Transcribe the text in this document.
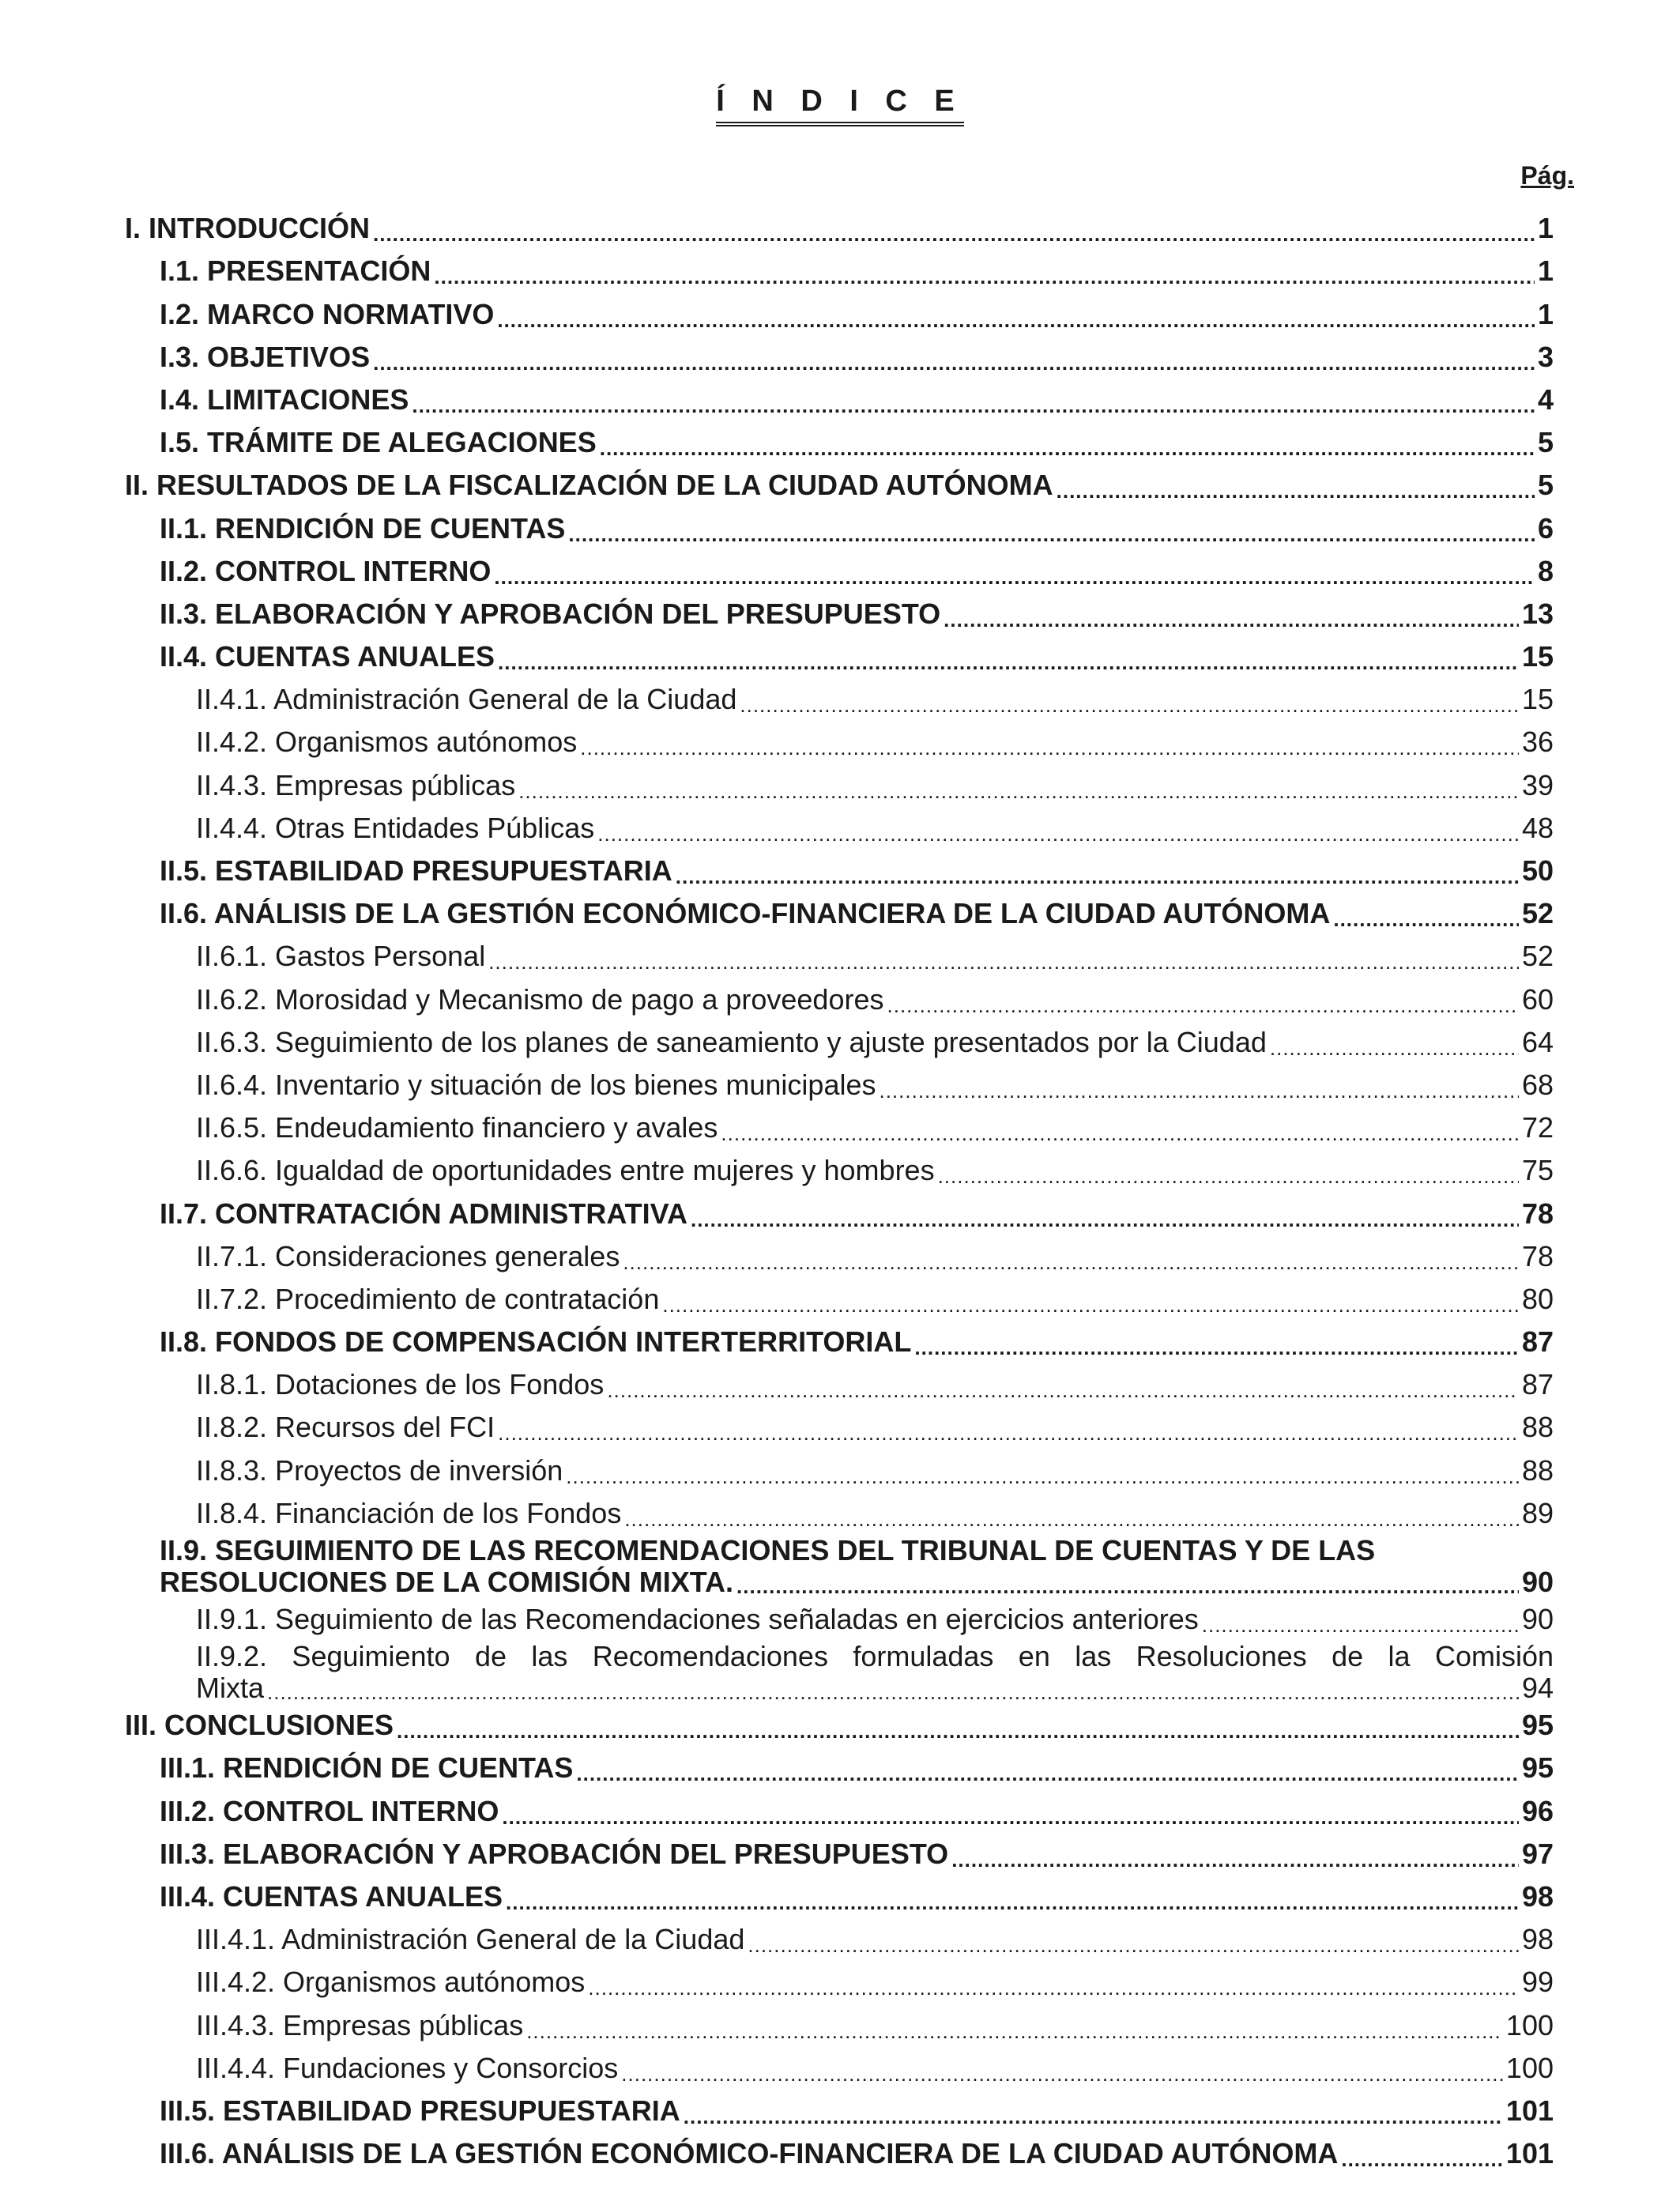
Í N D I C E
Pág.
I. INTRODUCCIÓN .....	1
I.1. PRESENTACIÓN .....	1
I.2. MARCO NORMATIVO .....	1
I.3. OBJETIVOS .....	3
I.4. LIMITACIONES .....	4
I.5. TRÁMITE DE ALEGACIONES .....	5
II. RESULTADOS DE LA FISCALIZACIÓN DE LA CIUDAD AUTÓNOMA .....	5
II.1. RENDICIÓN DE CUENTAS .....	6
II.2. CONTROL INTERNO .....	8
II.3. ELABORACIÓN Y APROBACIÓN DEL PRESUPUESTO .....	13
II.4. CUENTAS ANUALES .....	15
II.4.1. Administración General de la Ciudad .....	15
II.4.2. Organismos autónomos .....	36
II.4.3. Empresas públicas .....	39
II.4.4. Otras Entidades Públicas .....	48
II.5. ESTABILIDAD PRESUPUESTARIA .....	50
II.6. ANÁLISIS DE LA GESTIÓN ECONÓMICO-FINANCIERA DE LA CIUDAD AUTÓNOMA .....	52
II.6.1. Gastos Personal .....	52
II.6.2. Morosidad y Mecanismo de pago a proveedores .....	60
II.6.3. Seguimiento de los planes de saneamiento y ajuste presentados por la Ciudad .....	64
II.6.4. Inventario y situación de los bienes municipales .....	68
II.6.5. Endeudamiento financiero y avales .....	72
II.6.6. Igualdad de oportunidades entre mujeres y hombres .....	75
II.7. CONTRATACIÓN ADMINISTRATIVA .....	78
II.7.1. Consideraciones generales .....	78
II.7.2. Procedimiento de contratación .....	80
II.8. FONDOS DE COMPENSACIÓN INTERTERRITORIAL .....	87
II.8.1. Dotaciones de los Fondos .....	87
II.8.2. Recursos del FCI .....	88
II.8.3. Proyectos de inversión .....	88
II.8.4. Financiación de los Fondos .....	89
II.9. SEGUIMIENTO DE LAS RECOMENDACIONES DEL TRIBUNAL DE CUENTAS Y DE LAS
RESOLUCIONES DE LA COMISIÓN MIXTA. .....	90
II.9.1. Seguimiento de las Recomendaciones señaladas en ejercicios anteriores .....	90
II.9.2. Seguimiento de las Recomendaciones formuladas en las Resoluciones de la Comisión
Mixta .....	94
III. CONCLUSIONES .....	95
III.1. RENDICIÓN DE CUENTAS .....	95
III.2. CONTROL INTERNO .....	96
III.3. ELABORACIÓN Y APROBACIÓN DEL PRESUPUESTO .....	97
III.4. CUENTAS ANUALES .....	98
III.4.1. Administración General de la Ciudad .....	98
III.4.2. Organismos autónomos .....	99
III.4.3. Empresas públicas .....	100
III.4.4. Fundaciones y Consorcios .....	100
III.5. ESTABILIDAD PRESUPUESTARIA .....	101
III.6. ANÁLISIS DE LA GESTIÓN ECONÓMICO-FINANCIERA DE LA CIUDAD AUTÓNOMA .....	101
